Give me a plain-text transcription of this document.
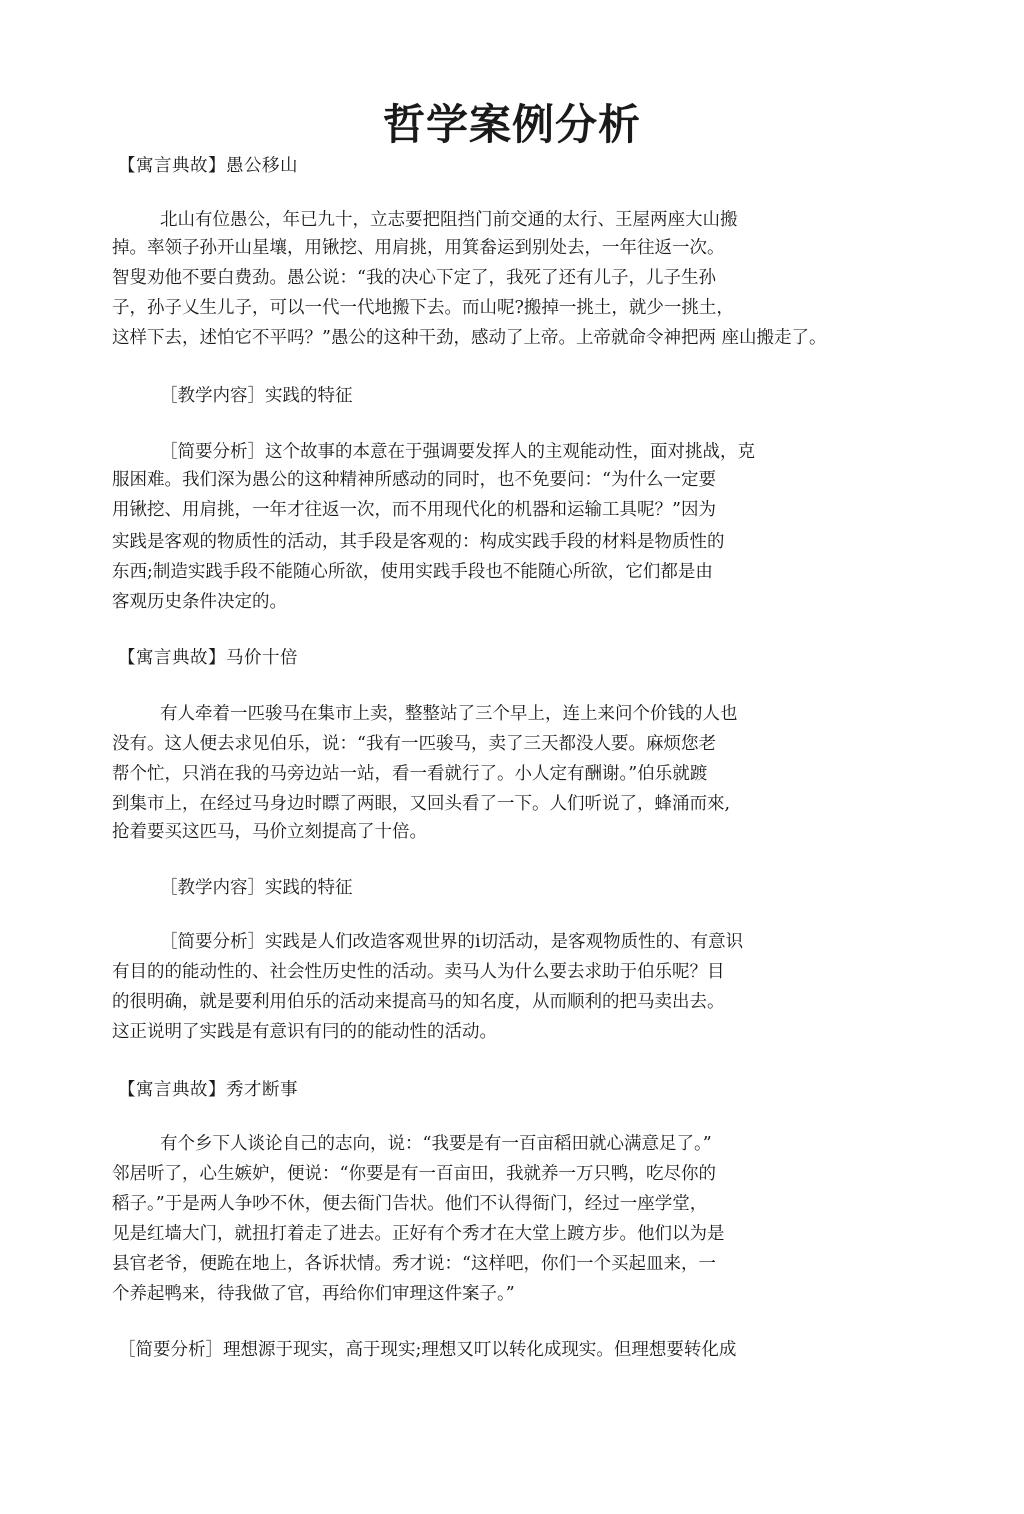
哲学案例分析

【寓言典故】愚公移山

北山有位愚公，年已九十，立志要把阻挡门前交通的太行、王屋两座大山搬

掉。率领子孙开山星壤，用锹挖、用肩挑，用箕畚运到别处去，一年往返一次。

智叟劝他不要白费劲。愚公说：“我的决心下定了，我死了还有儿子，儿子生孙

子，孙子乂生儿子，可以一代一代地搬下去。而山呢?搬掉一挑土，就少一挑土，

这样下去，述怕它不平吗？”愚公的这种干劲，感动了上帝。上帝就命令神把两 座山搬走了。

［教学内容］实践的特征

［简要分析］这个故事的本意在于强调要发挥人的主观能动性，面对挑战，克

服困难。我们深为愚公的这种精神所感动的同时，也不免要问：“为什么一定要

用锹挖、用肩挑，一年才往返一次，而不用现代化的机器和运输工具呢？”因为

实践是客观的物质性的活动，其手段是客观的：构成实践手段的材料是物质性的

东西;制造实践手段不能随心所欲，使用实践手段也不能随心所欲，它们都是由

客观历史条件决定的。

【寓言典故】马价十倍

有人牵着一匹骏马在集市上卖，整整站了三个早上，连上来问个价钱的人也

没有。这人便去求见伯乐，说：“我有一匹骏马，卖了三天都没人要。麻烦您老

帮个忙，只消在我的马旁边站一站，看一看就行了。小人定有酬谢。”伯乐就踱

到集市上，在经过马身边时瞟了两眼，又回头看了一下。人们听说了，蜂涌而來,

抢着要买这匹马，马价立刻提高了十倍。

［教学内容］实践的特征

［简要分析］实践是人们改造客观世界的i切活动，是客观物质性的、有意识

有目的的能动性的、社会性历史性的活动。卖马人为什么要去求助于伯乐呢？目

的很明确，就是要利用伯乐的活动来提高马的知名度，从而顺利的把马卖出去。

这正说明了实践是有意识有冃的的能动性的活动。

【寓言典故】秀才断事

有个乡下人谈论自己的志向，说：“我要是有一百亩稻田就心满意足了。”

邻居听了，心生嫉妒，便说：“你要是有一百亩田，我就养一万只鸭，吃尽你的

稻子。”于是两人争吵不休，便去衙门告状。他们不认得衙门，经过一座学堂，

见是红墙大门，就扭打着走了进去。正好有个秀才在大堂上踱方步。他们以为是

县官老爷，便跪在地上，各诉状情。秀才说：“这样吧，你们一个买起皿来，一

个养起鸭来，待我做了官，再给你们审理这件案子。”

［简要分析］理想源于现实，高于现实;理想又叮以转化成现实。但理想要转化成
